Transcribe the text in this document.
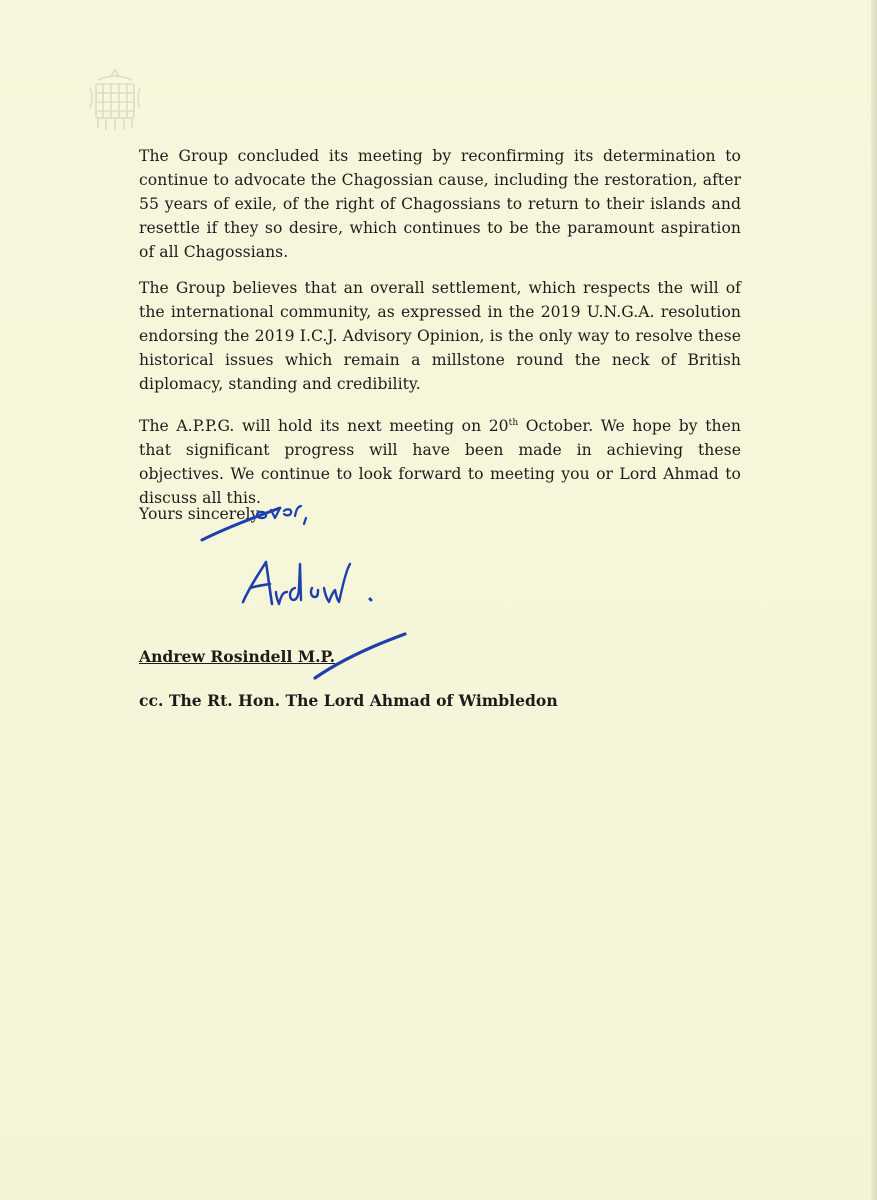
The Group concluded its meeting by reconfirming its determination to continue to advocate the Chagossian cause, including the restoration, after 55 years of exile, of the right of Chagossians to return to their islands and resettle if they so desire, which continues to be the paramount aspiration of all Chagossians.

The Group believes that an overall settlement, which respects the will of the international community, as expressed in the 2019 U.N.G.A. resolution endorsing the 2019 I.C.J. Advisory Opinion, is the only way to resolve these historical issues which remain a millstone round the neck of British diplomacy, standing and credibility.

The A.P.P.G. will hold its next meeting on 20th October. We hope by then that significant progress will have been made in achieving these objectives. We continue to look forward to meeting you or Lord Ahmad to discuss all this.

Yours sincerely

Andrew Rosindell M.P.

cc. The Rt. Hon. The Lord Ahmad of Wimbledon
